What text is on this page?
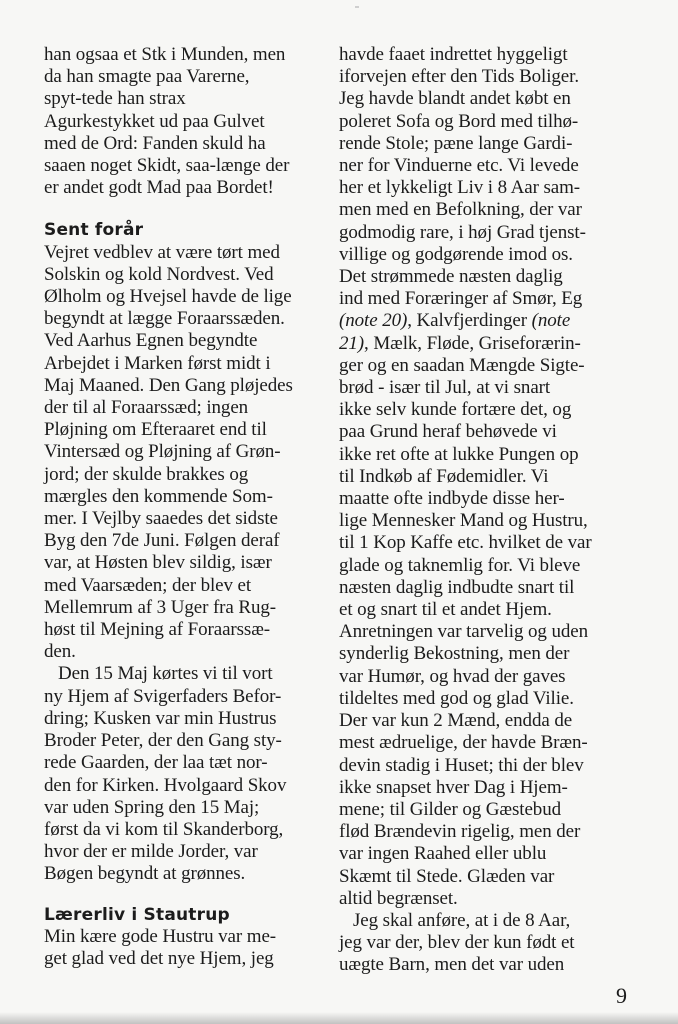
han ogsaa et Stk i Munden, men
da han smagte paa Varerne,
spyt-tede han strax
Agurkestykket ud paa Gulvet
med de Ord: Fanden skuld ha
saaen noget Skidt, saa-længe der
er andet godt Mad paa Bordet!
Sent forår
Vejret vedblev at være tørt med
Solskin og kold Nordvest. Ved
Ølholm og Hvejsel havde de lige
begyndt at lægge Foraarssæden.
Ved Aarhus Egnen begyndte
Arbejdet i Marken først midt i
Maj Maaned. Den Gang pløjedes
der til al Foraarssæd; ingen
Pløjning om Efteraaret end til
Vintersæd og Pløjning af Grøn-
jord; der skulde brakkes og
mærgles den kommende Som-
mer. I Vejlby saaedes det sidste
Byg den 7de Juni. Følgen deraf
var, at Høsten blev sildig, især
med Vaarsæden; der blev et
Mellemrum af 3 Uger fra Rug-
høst til Mejning af Foraarssæ-
den.
Den 15 Maj kørtes vi til vort
ny Hjem af Svigerfaders Befor-
dring; Kusken var min Hustrus
Broder Peter, der den Gang sty-
rede Gaarden, der laa tæt nor-
den for Kirken. Hvolgaard Skov
var uden Spring den 15 Maj;
først da vi kom til Skanderborg,
hvor der er milde Jorder, var
Bøgen begyndt at grønnes.
Lærerliv i Stautrup
Min kære gode Hustru var me-
get glad ved det nye Hjem, jeg
havde faaet indrettet hyggeligt
iforvejen efter den Tids Boliger.
Jeg havde blandt andet købt en
poleret Sofa og Bord med tilhø-
rende Stole; pæne lange Gardi-
ner for Vinduerne etc. Vi levede
her et lykkeligt Liv i 8 Aar sam-
men med en Befolkning, der var
godmodig rare, i høj Grad tjenst-
villige og godgørende imod os.
Det strømmede næsten daglig
ind med Foræringer af Smør, Eg
(note 20), Kalvfjerdinger (note
21), Mælk, Fløde, Griseforærin-
ger og en saadan Mængde Sigte-
brød - især til Jul, at vi snart
ikke selv kunde fortære det, og
paa Grund heraf behøvede vi
ikke ret ofte at lukke Pungen op
til Indkøb af Fødemidler. Vi
maatte ofte indbyde disse her-
lige Mennesker Mand og Hustru,
til 1 Kop Kaffe etc. hvilket de var
glade og taknemlig for. Vi bleve
næsten daglig indbudte snart til
et og snart til et andet Hjem.
Anretningen var tarvelig og uden
synderlig Bekostning, men der
var Humør, og hvad der gaves
tildeltes med god og glad Vilie.
Der var kun 2 Mænd, endda de
mest ædruelige, der havde Bræn-
devin stadig i Huset; thi der blev
ikke snapset hver Dag i Hjem-
mene; til Gilder og Gæstebud
flød Brændevin rigelig, men der
var ingen Raahed eller ublu
Skæmt til Stede. Glæden var
altid begrænset.
Jeg skal anføre, at i de 8 Aar,
jeg var der, blev der kun født et
uægte Barn, men det var uden
9
